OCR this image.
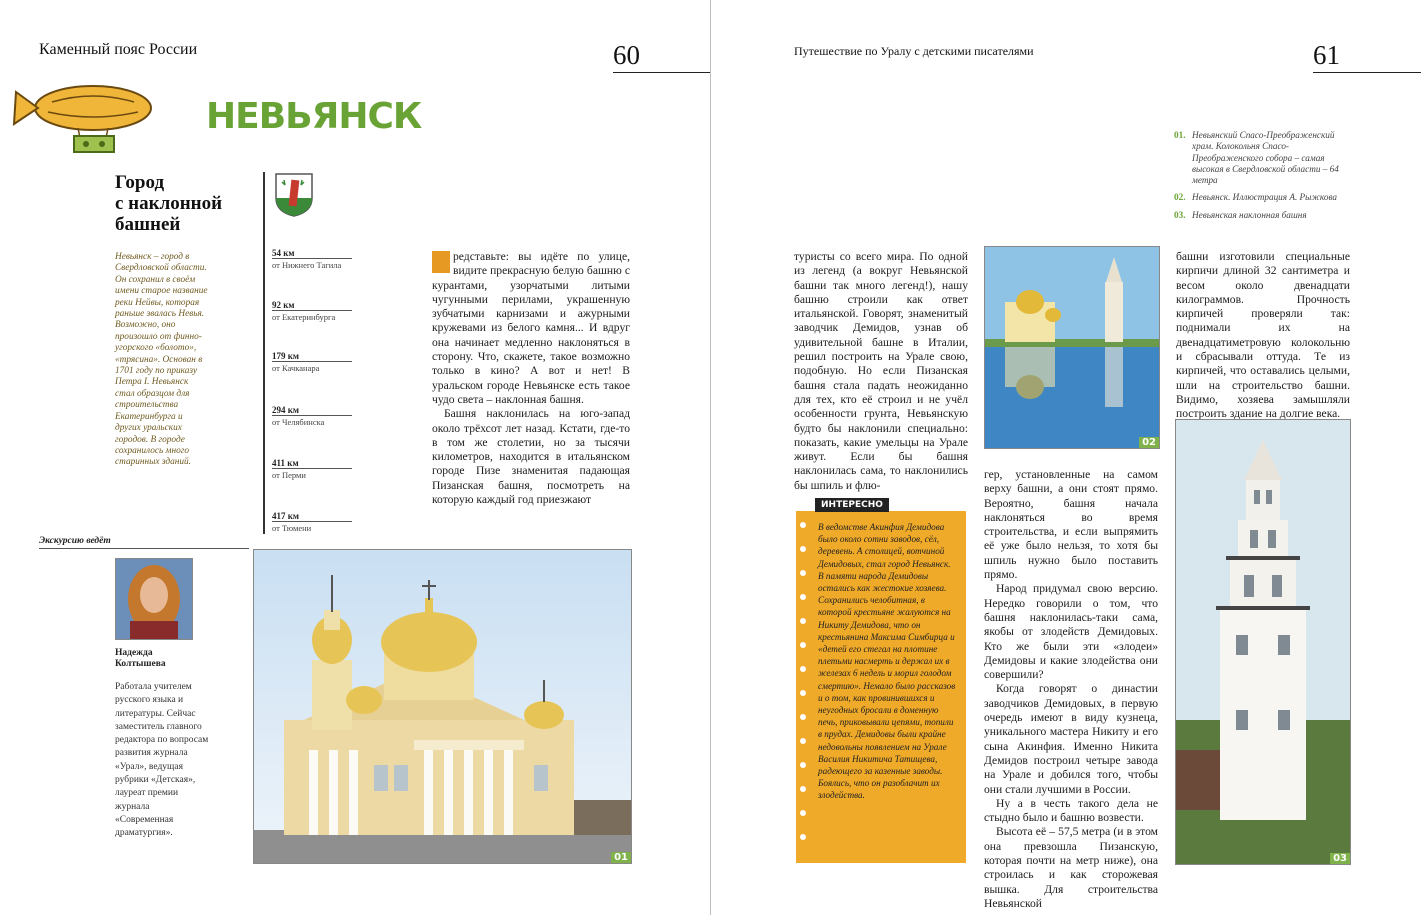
Каменный пояс России	60
НЕВЬЯНСК
Город
с наклонной
башней
Невьянск – город в Свердловской области. Он сохранил в своём имени старое название реки Нейвы, которая раньше звалась Невья. Возможно, оно произошло от финно-угорского «болото», «трясина». Основан в 1701 году по приказу Петра I. Невьянск стал образцом для строительства Екатеринбурга и других уральских городов. В городе сохранилось много старинных зданий.
54 км
от Нижнего Тагила
92 км
от Екатеринбурга
179 км
от Качканара
294 км
от Челябинска
411 км
от Перми
417 км
от Тюмени

редставьте: вы идёте по улице, видите прекрасную белую башню с курантами, узорчатыми литыми чугунными перилами, украшенную зубчатыми карнизами и ажурными кружевами из белого камня... И вдруг она начинает медленно наклоняться в сторону. Что, скажете, такое возможно только в кино? А вот и нет! В уральском городе Невьянске есть такое чудо света – наклонная башня.

Башня наклонилась на юго-запад около трёхсот лет назад. Кстати, где-то в том же столетии, но за тысячи километров, находится в итальянском городе Пизе знаменитая падающая Пизанская башня, посмотреть на которую каждый год приезжают

Экскурсию ведёт
Надежда Колтышева
Работала учителем русского языка и литературы. Сейчас заместитель главного редактора по вопросам развития журнала «Урал», ведущая рубрики «Детская», лауреат премии журнала «Современная драматургия».
01
Путешествие по Уралу с детскими писателями	61
01. Невьянский Спасо-Преображенский храм. Колокольня Спасо-Преображенского собора – самая высокая в Свердловской области – 64 метра
02. Невьянск. Иллюстрация А. Рыжкова
03. Невьянская наклонная башня

туристы со всего мира. По одной из легенд (а вокруг Невьянской башни так много легенд!), нашу башню строили как ответ итальянской. Говорят, знаменитый заводчик Демидов, узнав об удивительной башне в Италии, решил построить на Урале свою, подобную. Но если Пизанская башня стала падать неожиданно для тех, кто её строил и не учёл особенности грунта, Невьянскую будто бы наклонили специально: показать, какие умельцы на Урале живут. Если бы башня наклонилась сама, то наклонились бы шпиль и флю-

02

башни изготовили специальные кирпичи длиной 32 сантиметра и весом около двенадцати килограммов. Прочность кирпичей проверяли так: поднимали их на двенадцатиметровую колокольню и сбрасывали оттуда. Те из кирпичей, что оставались целыми, шли на строительство башни. Видимо, хозяева замышляли построить здание на долгие века.

03
В ведомстве Акинфия Демидова было около сотни заводов, сёл, деревень. А столицей, вотчиной Демидовых, стал город Невьянск. В памяти народа Демидовы остались как жестокие хозяева. Сохранились челобитная, в которой крестьяне жалуются на Никиту Демидова, что он крестьянина Максима Симбирца и «детей его стегал на плотине плетьми насмерть и держал их в железах 6 недель и морил голодом смертию». Немало было рассказов и о том, как провинившихся и неугодных бросали в доменную печь, приковывали цепями, топили в прудах. Демидовы были крайне недовольны появлением на Урале Василия Никитича Татищева, радеющего за казенные заводы. Боялись, что он разоблачит их злодейства.
ИНТЕРЕСНО

гер, установленные на самом верху башни, а они стоят прямо. Вероятно, башня начала наклоняться во время строительства, и если выпрямить её уже было нельзя, то хотя бы шпиль нужно было поставить прямо.

Народ придумал свою версию. Нередко говорили о том, что башня наклонилась-таки сама, якобы от злодейств Демидовых. Кто же были эти «злодеи» Демидовы и какие злодейства они совершили?

Когда говорят о династии заводчиков Демидовых, в первую очередь имеют в виду кузнеца, уникального мастера Никиту и его сына Акинфия. Именно Никита Демидов построил четыре завода на Урале и добился того, чтобы они стали лучшими в России.

Ну а в честь такого дела не стыдно было и башню возвести.

Высота её – 57,5 метра (и в этом она превзошла Пизанскую, которая почти на метр ниже), она строилась и как сторожевая вышка. Для строительства Невьянской
